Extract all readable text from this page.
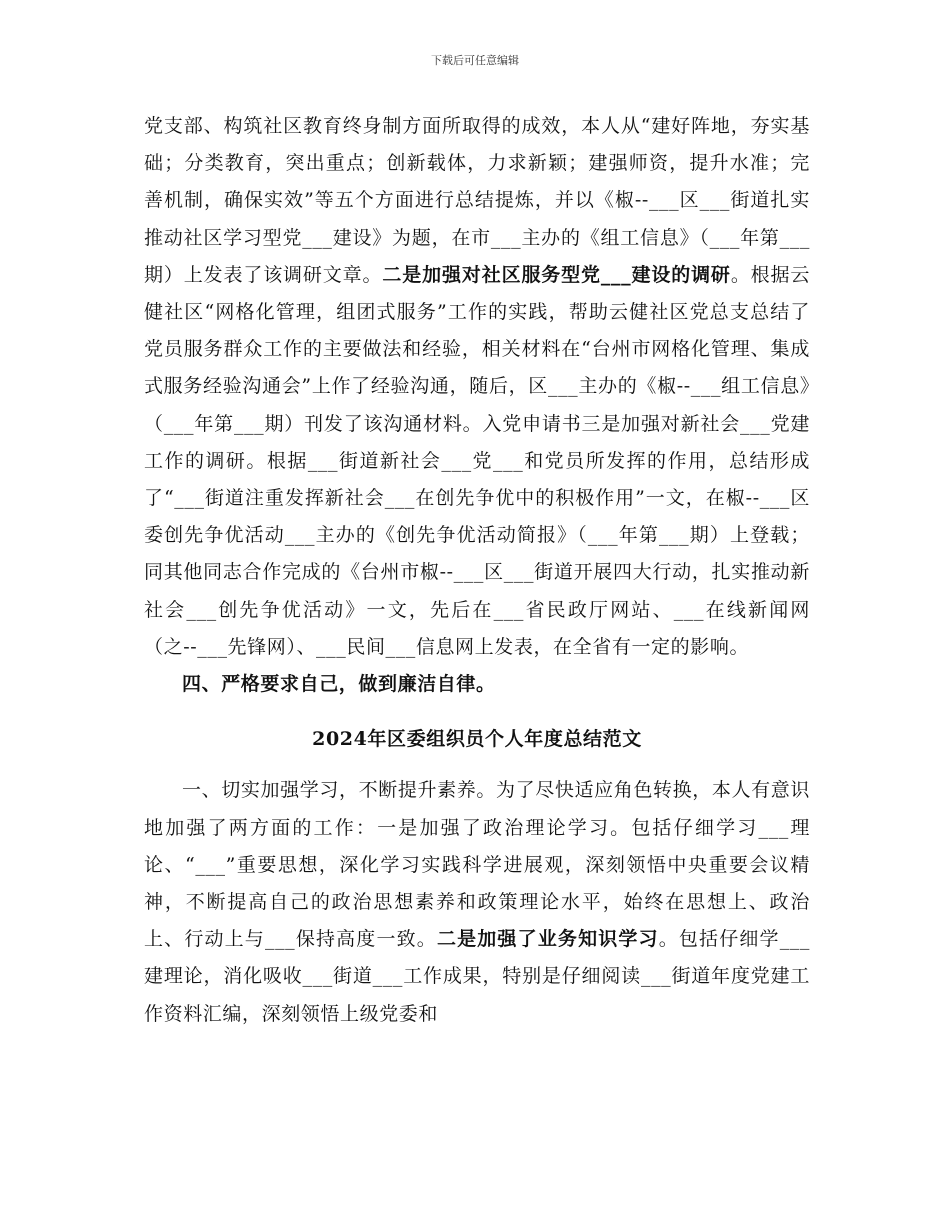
下载后可任意编辑

党支部、构筑社区教育终身制方面所取得的成效，本人从“建好阵地，夯实基础；分类教育，突出重点；创新载体，力求新颖；建强师资，提升水准；完善机制，确保实效”等五个方面进行总结提炼，并以《椒--___区___街道扎实推动社区学习型党___建设》为题，在市___主办的《组工信息》（___年第___期）上发表了该调研文章。二是加强对社区服务型党___建设的调研。根据云健社区“网格化管理，组团式服务”工作的实践，帮助云健社区党总支总结了党员服务群众工作的主要做法和经验，相关材料在“台州市网格化管理、集成式服务经验沟通会”上作了经验沟通，随后，区___主办的《椒--___组工信息》（___年第___期）刊发了该沟通材料。入党申请书三是加强对新社会___党建工作的调研。根据___街道新社会___党___和党员所发挥的作用，总结形成了“___街道注重发挥新社会___在创先争优中的积极作用”一文，在椒--___区委创先争优活动___主办的《创先争优活动简报》（___年第___期）上登载；同其他同志合作完成的《台州市椒--___区___街道开展四大行动，扎实推动新社会___创先争优活动》一文，先后在___省民政厅网站、___在线新闻网（之--___先锋网）、___民间___信息网上发表，在全省有一定的影响。

四、严格要求自己，做到廉洁自律。

2024年区委组织员个人年度总结范文

一、切实加强学习，不断提升素养。为了尽快适应角色转换，本人有意识地加强了两方面的工作：一是加强了政治理论学习。包括仔细学习___理论、“___”重要思想，深化学习实践科学进展观，深刻领悟中央重要会议精神，不断提高自己的政治思想素养和政策理论水平，始终在思想上、政治上、行动上与___保持高度一致。二是加强了业务知识学习。包括仔细学___建理论，消化吸收___街道___工作成果，特别是仔细阅读___街道年度党建工作资料汇编，深刻领悟上级党委和
